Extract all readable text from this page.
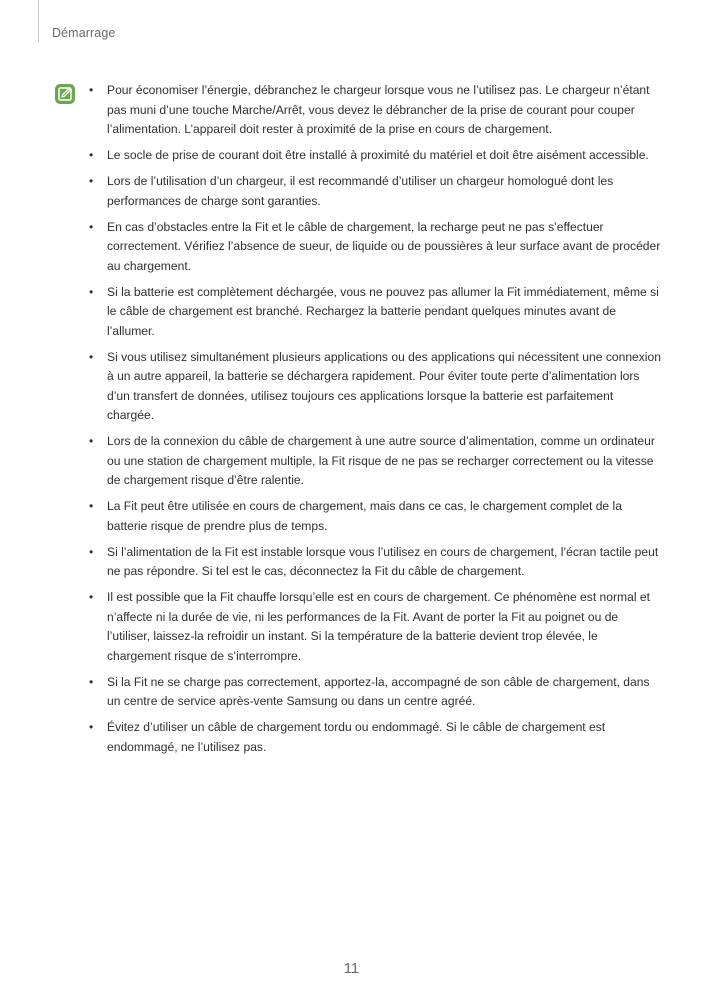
Démarrage
• Pour économiser l’énergie, débranchez le chargeur lorsque vous ne l’utilisez pas. Le chargeur n’étant pas muni d’une touche Marche/Arrêt, vous devez le débrancher de la prise de courant pour couper l’alimentation. L’appareil doit rester à proximité de la prise en cours de chargement.
• Le socle de prise de courant doit être installé à proximité du matériel et doit être aisément accessible.
• Lors de l’utilisation d’un chargeur, il est recommandé d’utiliser un chargeur homologué dont les performances de charge sont garanties.
• En cas d’obstacles entre la Fit et le câble de chargement, la recharge peut ne pas s’effectuer correctement. Vérifiez l’absence de sueur, de liquide ou de poussières à leur surface avant de procéder au chargement.
• Si la batterie est complètement déchargée, vous ne pouvez pas allumer la Fit immédiatement, même si le câble de chargement est branché. Rechargez la batterie pendant quelques minutes avant de l’allumer.
• Si vous utilisez simultanément plusieurs applications ou des applications qui nécessitent une connexion à un autre appareil, la batterie se déchargera rapidement. Pour éviter toute perte d’alimentation lors d’un transfert de données, utilisez toujours ces applications lorsque la batterie est parfaitement chargée.
• Lors de la connexion du câble de chargement à une autre source d’alimentation, comme un ordinateur ou une station de chargement multiple, la Fit risque de ne pas se recharger correctement ou la vitesse de chargement risque d’être ralentie.
• La Fit peut être utilisée en cours de chargement, mais dans ce cas, le chargement complet de la batterie risque de prendre plus de temps.
• Si l’alimentation de la Fit est instable lorsque vous l’utilisez en cours de chargement, l’écran tactile peut ne pas répondre. Si tel est le cas, déconnectez la Fit du câble de chargement.
• Il est possible que la Fit chauffe lorsqu’elle est en cours de chargement. Ce phénomène est normal et n’affecte ni la durée de vie, ni les performances de la Fit. Avant de porter la Fit au poignet ou de l’utiliser, laissez-la refroidir un instant. Si la température de la batterie devient trop élevée, le chargement risque de s’interrompre.
• Si la Fit ne se charge pas correctement, apportez-la, accompagné de son câble de chargement, dans un centre de service après-vente Samsung ou dans un centre agréé.
• Évitez d’utiliser un câble de chargement tordu ou endommagé. Si le câble de chargement est endommagé, ne l’utilisez pas.
11
